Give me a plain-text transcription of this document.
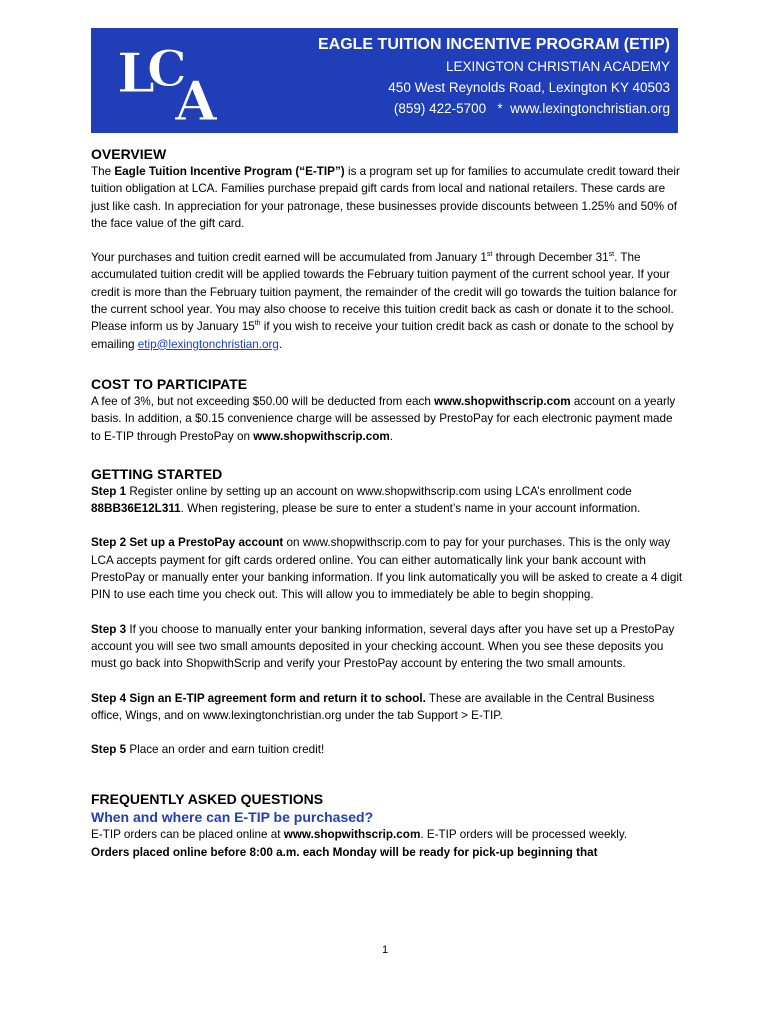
L
C
A
EAGLE TUITION INCENTIVE PROGRAM (ETIP)
LEXINGTON CHRISTIAN ACADEMY
450 West Reynolds Road, Lexington KY 40503
(859) 422-5700   *  www.lexingtonchristian.org
OVERVIEW

The Eagle Tuition Incentive Program (“E-TIP”) is a program set up for families to accumulate credit toward their tuition obligation at LCA. Families purchase prepaid gift cards from local and national retailers. These cards are just like cash. In appreciation for your patronage, these businesses provide discounts between 1.25% and 50% of the face value of the gift card.

Your purchases and tuition credit earned will be accumulated from January 1st through December 31st. The accumulated tuition credit will be applied towards the February tuition payment of the current school year. If your credit is more than the February tuition payment, the remainder of the credit will go towards the tuition balance for the current school year. You may also choose to receive this tuition credit back as cash or donate it to the school. Please inform us by January 15th if you wish to receive your tuition credit back as cash or donate to the school by emailing etip@lexingtonchristian.org.

COST TO PARTICIPATE

A fee of 3%, but not exceeding $50.00 will be deducted from each www.shopwithscrip.com account on a yearly basis. In addition, a $0.15 convenience charge will be assessed by PrestoPay for each electronic payment made to E-TIP through PrestoPay on www.shopwithscrip.com.

GETTING STARTED

Step 1 Register online by setting up an account on www.shopwithscrip.com using LCA’s enrollment code 88BB36E12L311. When registering, please be sure to enter a student’s name in your account information.

Step 2 Set up a PrestoPay account on www.shopwithscrip.com to pay for your purchases. This is the only way LCA accepts payment for gift cards ordered online. You can either automatically link your bank account with PrestoPay or manually enter your banking information. If you link automatically you will be asked to create a 4 digit PIN to use each time you check out. This will allow you to immediately be able to begin shopping.

Step 3 If you choose to manually enter your banking information, several days after you have set up a PrestoPay account you will see two small amounts deposited in your checking account. When you see these deposits you must go back into ShopwithScrip and verify your PrestoPay account by entering the two small amounts.

Step 4 Sign an E-TIP agreement form and return it to school. These are available in the Central Business office, Wings, and on www.lexingtonchristian.org under the tab Support > E-TIP.

Step 5 Place an order and earn tuition credit!

FREQUENTLY ASKED QUESTIONS
When and where can E-TIP be purchased?

E-TIP orders can be placed online at www.shopwithscrip.com. E-TIP orders will be processed weekly.

Orders placed online before 8:00 a.m. each Monday will be ready for pick-up beginning that

1
